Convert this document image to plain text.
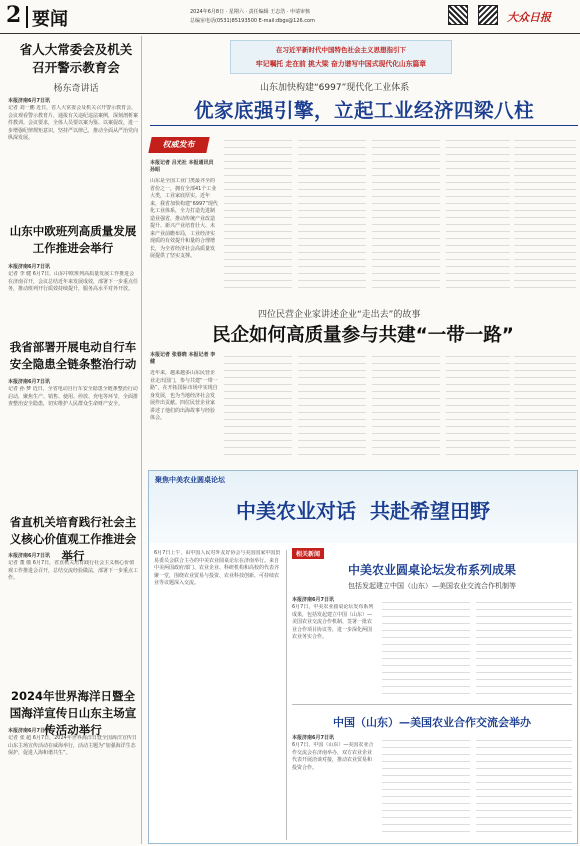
2 要闻	2024年6月8日 · 星期六 · 责任编辑 王志浩 · 申请审核
总编室电话(0531)85193500 E-mail:dbgs@126.com	大众日报
省人大常委会及机关召开警示教育会
杨东奇讲话
本报济南6月7日讯
记者 刘一鹏 近日，省人大常委会及机关召开警示教育会，会议观看警示教育片，通报有关违纪违法案例，深刻剖析案件教训。会议要求，全体人员要以案为鉴、以案促改，进一步增强纪律规矩意识，坚持严以律己，推动全面从严治党向纵深发展。
山东中欧班列高质量发展工作推进会举行
本报济南6月7日讯
记者 李 健 6月7日，山东中欧班列高质量发展工作推进会在济南召开，会议总结近年来发展成效，部署下一步重点任务，推动班列开行质效持续提升，服务高水平对外开放。
我省部署开展电动自行车安全隐患全链条整治行动
本报济南6月7日讯
记者 孙 梦 近日，全省电动自行车安全隐患全链条整治行动启动，聚焦生产、销售、使用、停放、充电等环节，全面排查整治安全隐患，切实维护人民群众生命财产安全。
省直机关培育践行社会主义核心价值观工作推进会举行
本报济南6月7日讯
记者 董 敬 6月7日，省直机关培育践行社会主义核心价值观工作推进会召开，总结交流经验做法，部署下一步重点工作。
2024年世界海洋日暨全国海洋宣传日山东主场宣传活动举行
本报济南6月7日讯
记者 张 超 6月7日，2024年世界海洋日暨全国海洋宣传日山东主场宣传活动在威海举行，活动主题为“加强海洋生态保护，促进人海和谐共生”。
在习近平新时代中国特色社会主义思想指引下
牢记嘱托 走在前 挑大梁 奋力谱写中国式现代化山东篇章
山东加快构建“6997”现代化工业体系
优家底强引擎，立起工业经济四梁八柱
权威发布
本报记者 吕光社 本报通讯员 孙昭
山东是全国工业门类最齐全的省份之一，拥有全部41个工业大类，工业家底厚实。近年来，我省加快构建“6997”现代化工业体系，全力打造先进制造业强省，推动传统产业改造提升、新兴产业培育壮大、未来产业前瞻布局，工业经济实现质的有效提升和量的合理增长，为全省经济社会高质量发展提供了坚实支撑。
四位民营企业家讲述企业“走出去”的故事
民企如何高质量参与共建“一带一路”
本报记者 张春晓 本报记者 李 健
近年来，越来越多山东民营企业走出国门，参与共建“一带一路”，在开拓国际市场中实现自身发展，也为当地经济社会发展作出贡献。四位民营企业家讲述了他们的出海故事与经验体会。
聚焦中美农业圆桌论坛
中美农业对话  共赴希望田野
6月7日上午，由中国人民对外友好协会与美国国家中国贸易委员会联合主办的中美农业圆桌论坛在济南举行。来自中美两国政府部门、农业企业、科研机构和高校的代表齐聚一堂，围绕农业贸易与投资、农业科技创新、可持续农业等议题深入交流。
相关新闻
中美农业圆桌论坛发布系列成果
包括发起建立中国（山东）—美国农业交流合作机制等
本报济南6月7日讯
6月7日，中美农业圆桌论坛发布系列成果，包括发起建立中国（山东）—美国农业交流合作机制、签署一批农业合作项目协议等，进一步深化两国农业务实合作。
中国（山东）—美国农业合作交流会举办
本报济南6月7日讯
6月7日，中国（山东）—美国农业合作交流会在济南举办，双方农业企业代表开展洽谈对接，推动农业贸易和投资合作。
